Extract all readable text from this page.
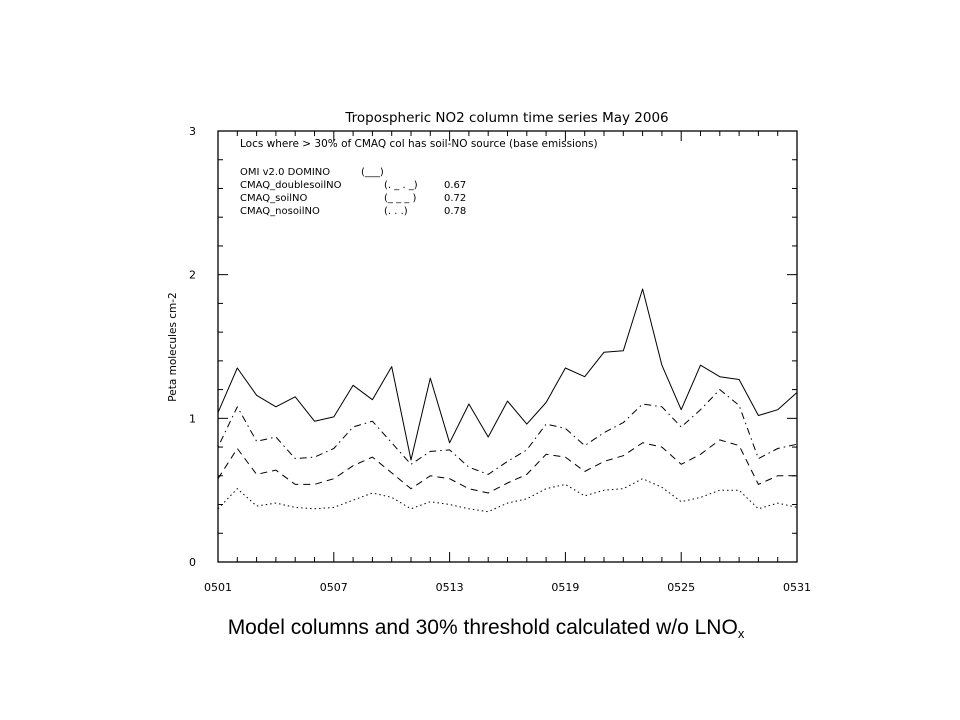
Tropospheric NO2 column time series May 2006
Locs where > 30% of CMAQ col has soil-NO source (base emissions)
Peta molecules cm-2
0
1
2
3
0501	0507	0513	0519	0525	0531
OMI v2.0 DOMINO	(___)
CMAQ_doublesoilNO	(. _ . _)	0.67
CMAQ_soilNO	(_ _ _ )	0.72
CMAQ_nosoilNO	(. . .)	0.78
Model columns and 30% threshold calculated w/o $LNO_x$
